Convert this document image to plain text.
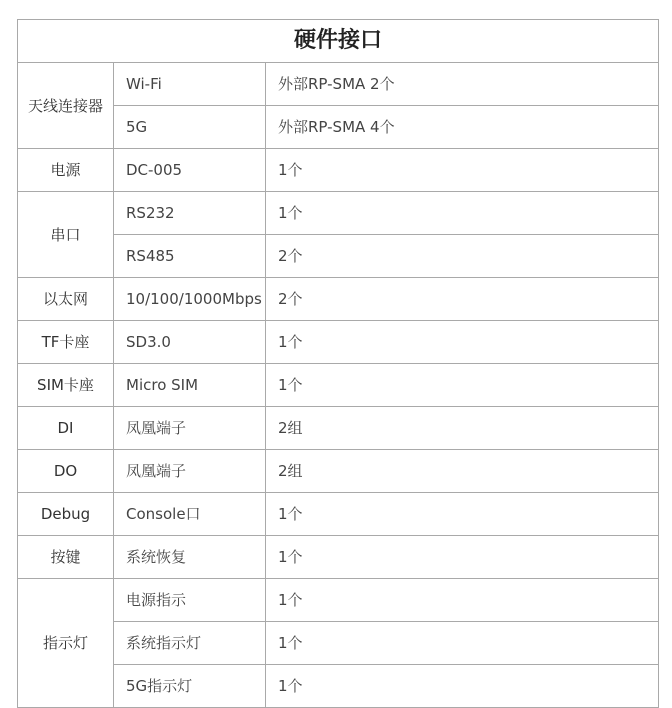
硬件接口		
天线连接器	Wi-Fi	外部RP-SMA 2个
	5G	外部RP-SMA 4个
电源	DC-005	1个
串口	RS232	1个
	RS485	2个
以太网	10/100/1000Mbps	2个
TF卡座	SD3.0	1个
SIM卡座	Micro SIM	1个
DI	凤凰端子	2组
DO	凤凰端子	2组
Debug	Console口	1个
按键	系统恢复	1个
指示灯	电源指示	1个
	系统指示灯	1个
	5G指示灯	1个
